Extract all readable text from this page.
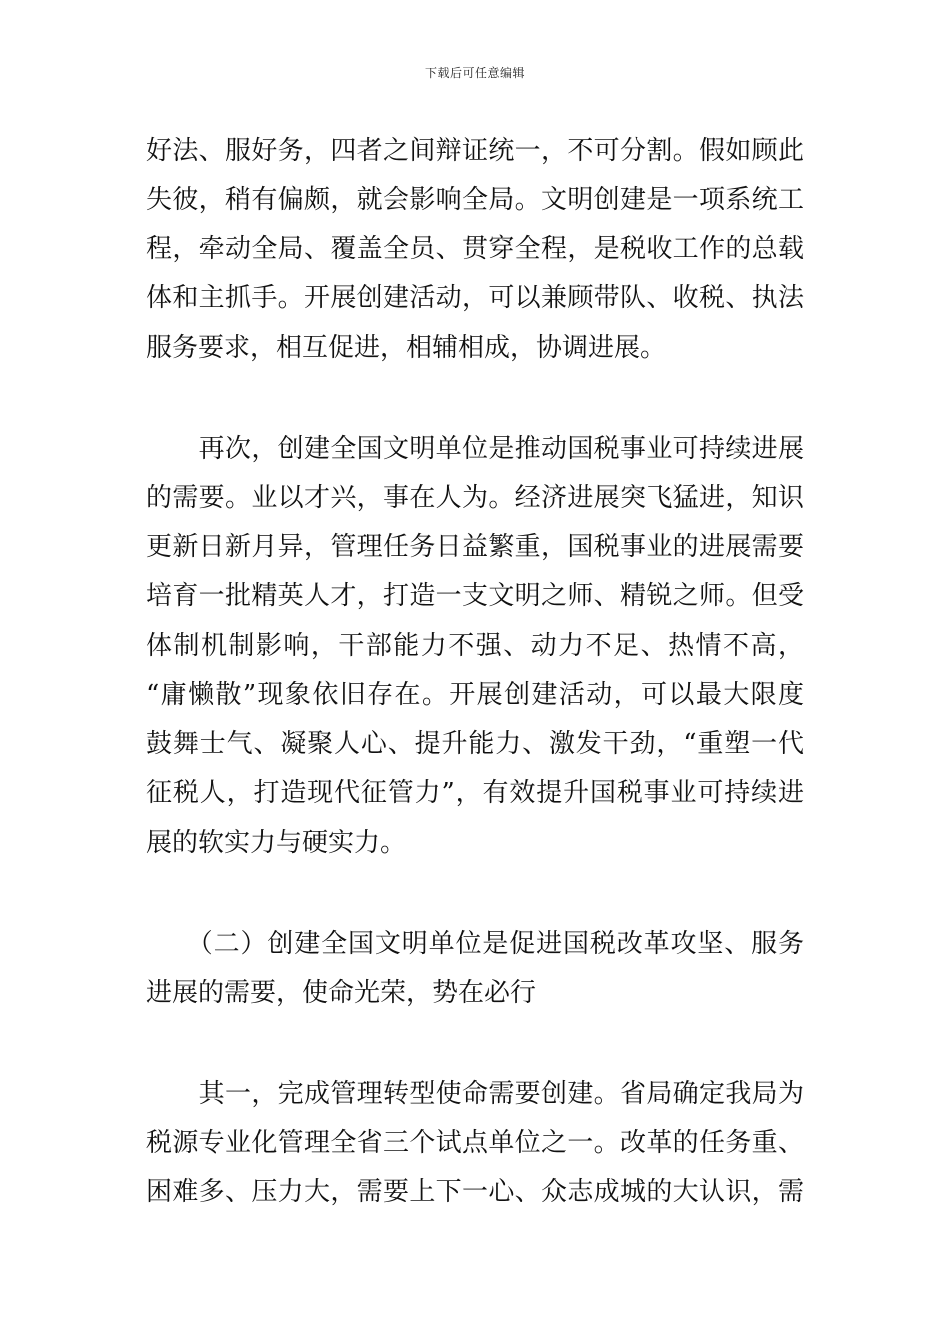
下载后可任意编辑
好法、服好务，四者之间辩证统一，不可分割。假如顾此
失彼，稍有偏颇，就会影响全局。文明创建是一项系统工
程，牵动全局、覆盖全员、贯穿全程，是税收工作的总载
体和主抓手。开展创建活动，可以兼顾带队、收税、执法
服务要求，相互促进，相辅相成，协调进展。
　　再次，创建全国文明单位是推动国税事业可持续进展
的需要。业以才兴，事在人为。经济进展突飞猛进，知识
更新日新月异，管理任务日益繁重，国税事业的进展需要
培育一批精英人才，打造一支文明之师、精锐之师。但受
体制机制影响，干部能力不强、动力不足、热情不高，
“庸懒散”现象依旧存在。开展创建活动，可以最大限度
鼓舞士气、凝聚人心、提升能力、激发干劲，“重塑一代
征税人，打造现代征管力”，有效提升国税事业可持续进
展的软实力与硬实力。
　　（二）创建全国文明单位是促进国税改革攻坚、服务
进展的需要，使命光荣，势在必行
　　其一，完成管理转型使命需要创建。省局确定我局为
税源专业化管理全省三个试点单位之一。改革的任务重、
困难多、压力大，需要上下一心、众志成城的大认识，需
